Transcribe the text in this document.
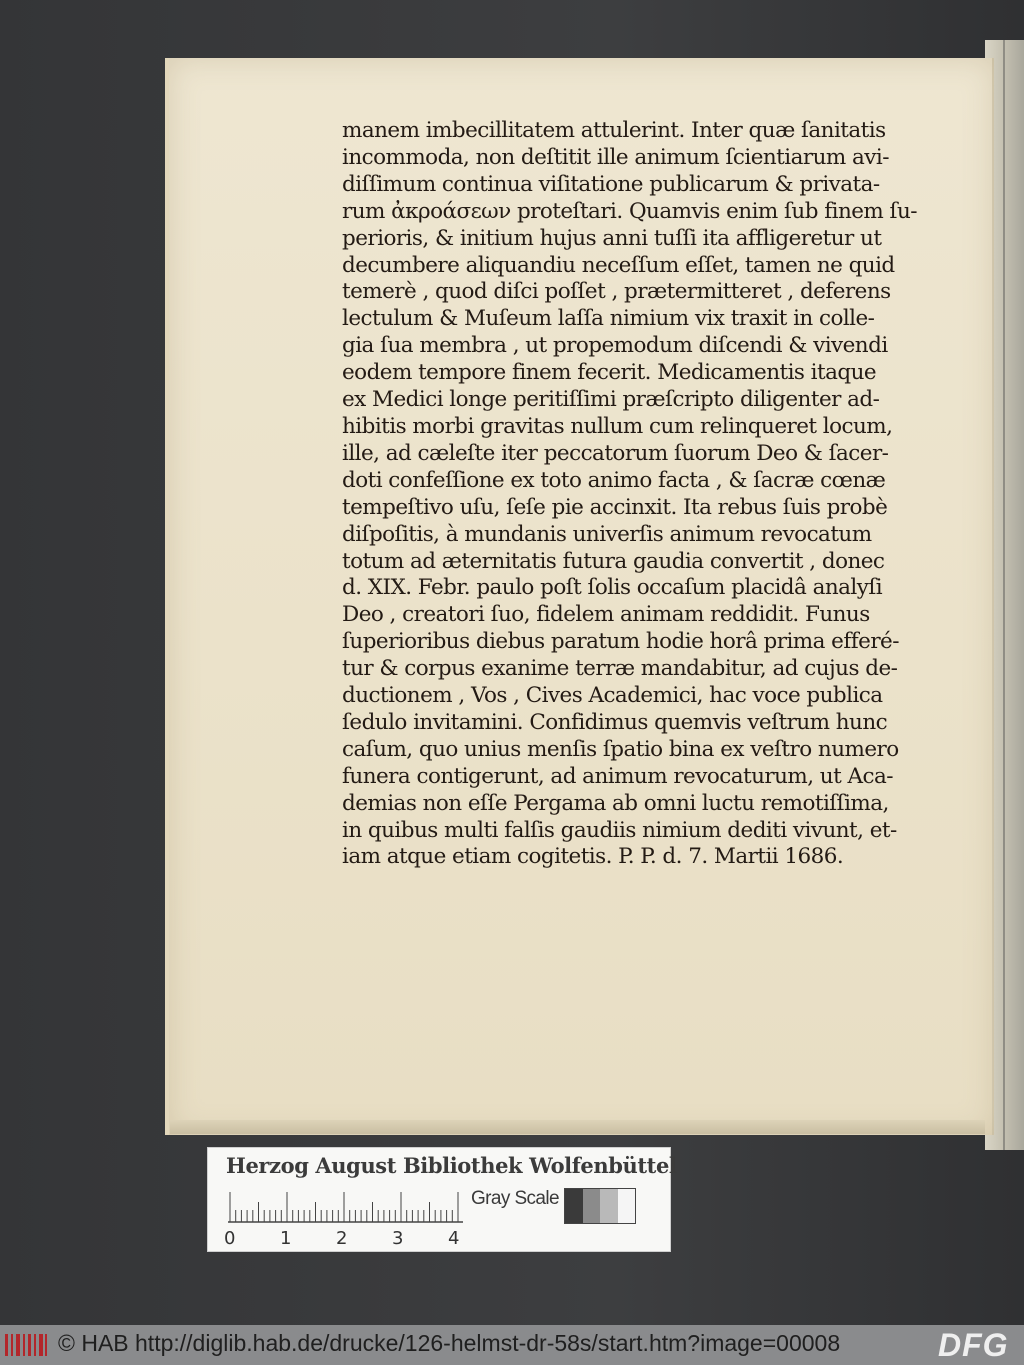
manem imbecillitatem attulerint. Inter quæ ſanitatis
incommoda, non deſtitit ille animum ſcientiarum avi-
diſſimum continua viſitatione publicarum & privata-
rum ἀκροάσεων proteſtari. Quamvis enim ſub finem ſu-
perioris, & initium hujus anni tuſſi ita affligeretur ut
decumbere aliquandiu neceſſum eſſet, tamen ne quid
temerè , quod diſci poſſet , prætermitteret , deferens
lectulum & Muſeum laſſa nimium vix traxit in colle-
gia ſua membra , ut propemodum diſcendi & vivendi
eodem tempore finem fecerit. Medicamentis itaque
ex Medici longe peritiſſimi præſcripto diligenter ad-
hibitis morbi gravitas nullum cum relinqueret locum,
ille, ad cæleſte iter peccatorum ſuorum Deo & ſacer-
doti confeſſione ex toto animo facta , & ſacræ cœnæ
tempeſtivo uſu, ſeſe pie accinxit. Ita rebus ſuis probè
diſpoſitis, à mundanis univerſis animum revocatum
totum ad æternitatis futura gaudia convertit , donec
d. XIX. Febr. paulo poſt ſolis occaſum placidâ analyſi
Deo , creatori ſuo, fidelem animam reddidit. Funus
ſuperioribus diebus paratum hodie horâ prima efferé-
tur & corpus exanime terræ mandabitur, ad cujus de-
ductionem , Vos , Cives Academici, hac voce publica
ſedulo invitamini. Confidimus quemvis veſtrum hunc
caſum, quo unius menſis ſpatio bina ex veſtro numero
funera contigerunt, ad animum revocaturum, ut Aca-
demias non eſſe Pergama ab omni luctu remotiſſima,
in quibus multi falſis gaudiis nimium dediti vivunt, et-
iam atque etiam cogitetis. P. P. d. 7. Martii 1686.
Herzog August Bibliothek Wolfenbüttel
0 1 2 3 4
Gray Scale
© HAB http://diglib.hab.de/drucke/126-helmst-dr-58s/start.htm?image=00008	DFG
